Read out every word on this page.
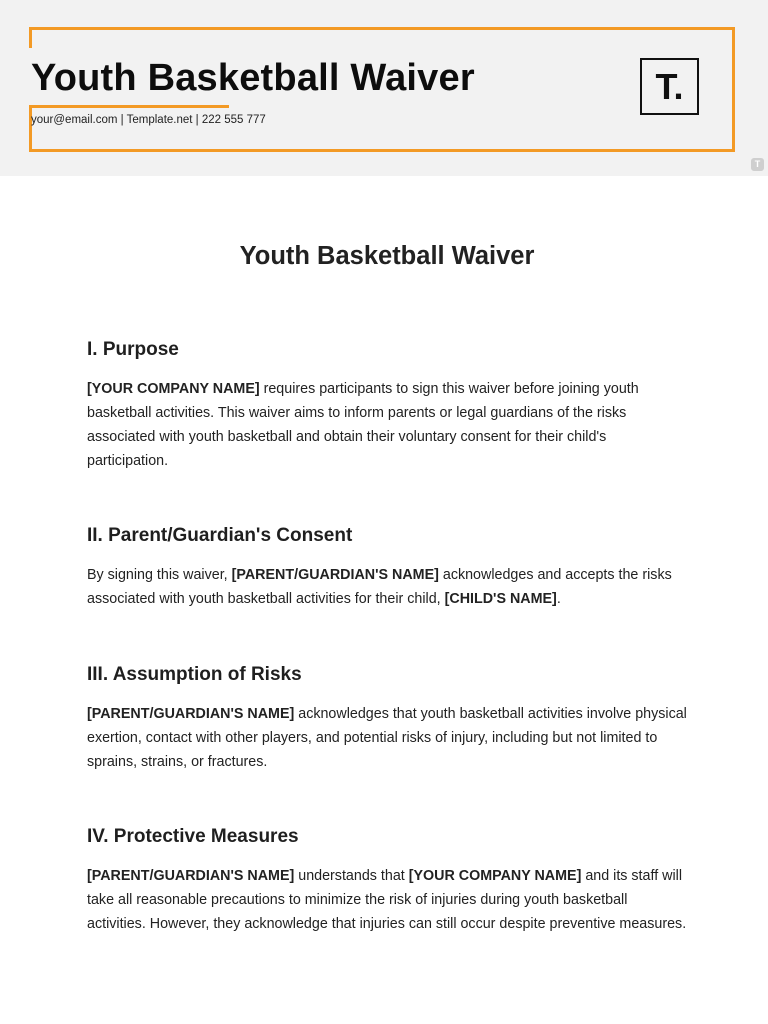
Youth Basketball Waiver
your@email.com | Template.net | 222 555 777
T.
T
Youth Basketball Waiver
I. Purpose

[YOUR COMPANY NAME] requires participants to sign this waiver before joining youth basketball activities. This waiver aims to inform parents or legal guardians of the risks associated with youth basketball and obtain their voluntary consent for their child's participation.

II. Parent/Guardian's Consent

By signing this waiver, [PARENT/GUARDIAN'S NAME] acknowledges and accepts the risks associated with youth basketball activities for their child, [CHILD'S NAME].

III. Assumption of Risks

[PARENT/GUARDIAN'S NAME] acknowledges that youth basketball activities involve physical exertion, contact with other players, and potential risks of injury, including but not limited to sprains, strains, or fractures.

IV. Protective Measures

[PARENT/GUARDIAN'S NAME] understands that [YOUR COMPANY NAME] and its staff will take all reasonable precautions to minimize the risk of injuries during youth basketball activities. However, they acknowledge that injuries can still occur despite preventive measures.
